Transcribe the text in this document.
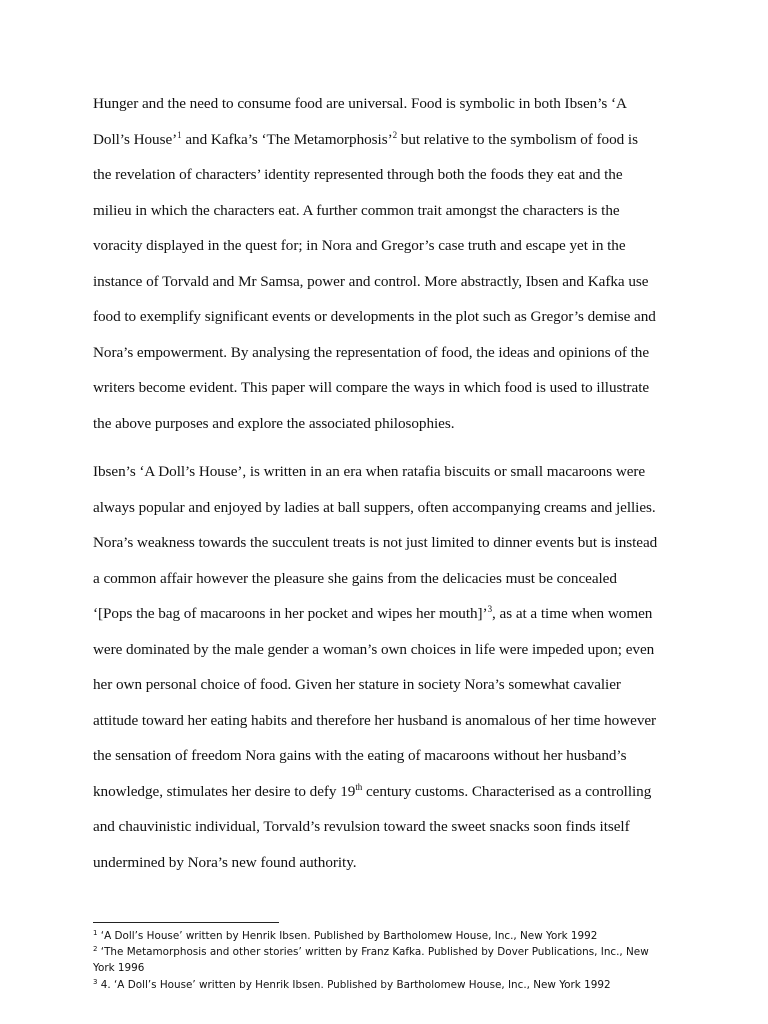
Hunger and the need to consume food are universal. Food is symbolic in both Ibsen’s ‘A
Doll’s House’$^1$ and Kafka’s ‘The Metamorphosis’$^2$ but relative to the symbolism of food is
the revelation of characters’ identity represented through both the foods they eat and the
milieu in which the characters eat. A further common trait amongst the characters is the
voracity displayed in the quest for; in Nora and Gregor’s case truth and escape yet in the
instance of Torvald and Mr Samsa, power and control. More abstractly, Ibsen and Kafka use
food to exemplify significant events or developments in the plot such as Gregor’s demise and
Nora’s empowerment. By analysing the representation of food, the ideas and opinions of the
writers become evident. This paper will compare the ways in which food is used to illustrate
the above purposes and explore the associated philosophies.
Ibsen’s ‘A Doll’s House’, is written in an era when ratafia biscuits or small macaroons were
always popular and enjoyed by ladies at ball suppers, often accompanying creams and jellies.
Nora’s weakness towards the succulent treats is not just limited to dinner events but is instead
a common affair however the pleasure she gains from the delicacies must be concealed
‘[Pops the bag of macaroons in her pocket and wipes her mouth]’$^3$, as at a time when women
were dominated by the male gender a woman’s own choices in life were impeded upon; even
her own personal choice of food. Given her stature in society Nora’s somewhat cavalier
attitude toward her eating habits and therefore her husband is anomalous of her time however
the sensation of freedom Nora gains with the eating of macaroons without her husband’s
knowledge, stimulates her desire to defy 19th century customs. Characterised as a controlling
and chauvinistic individual, Torvald’s revulsion toward the sweet snacks soon finds itself
undermined by Nora’s new found authority.
$^1$ ‘A Doll’s House’ written by Henrik Ibsen. Published by Bartholomew House, Inc., New York 1992
$^2$ ‘The Metamorphosis and other stories’ written by Franz Kafka. Published by Dover Publications, Inc., New
York 1996
$^3$ 4. ‘A Doll’s House’ written by Henrik Ibsen. Published by Bartholomew House, Inc., New York 1992
